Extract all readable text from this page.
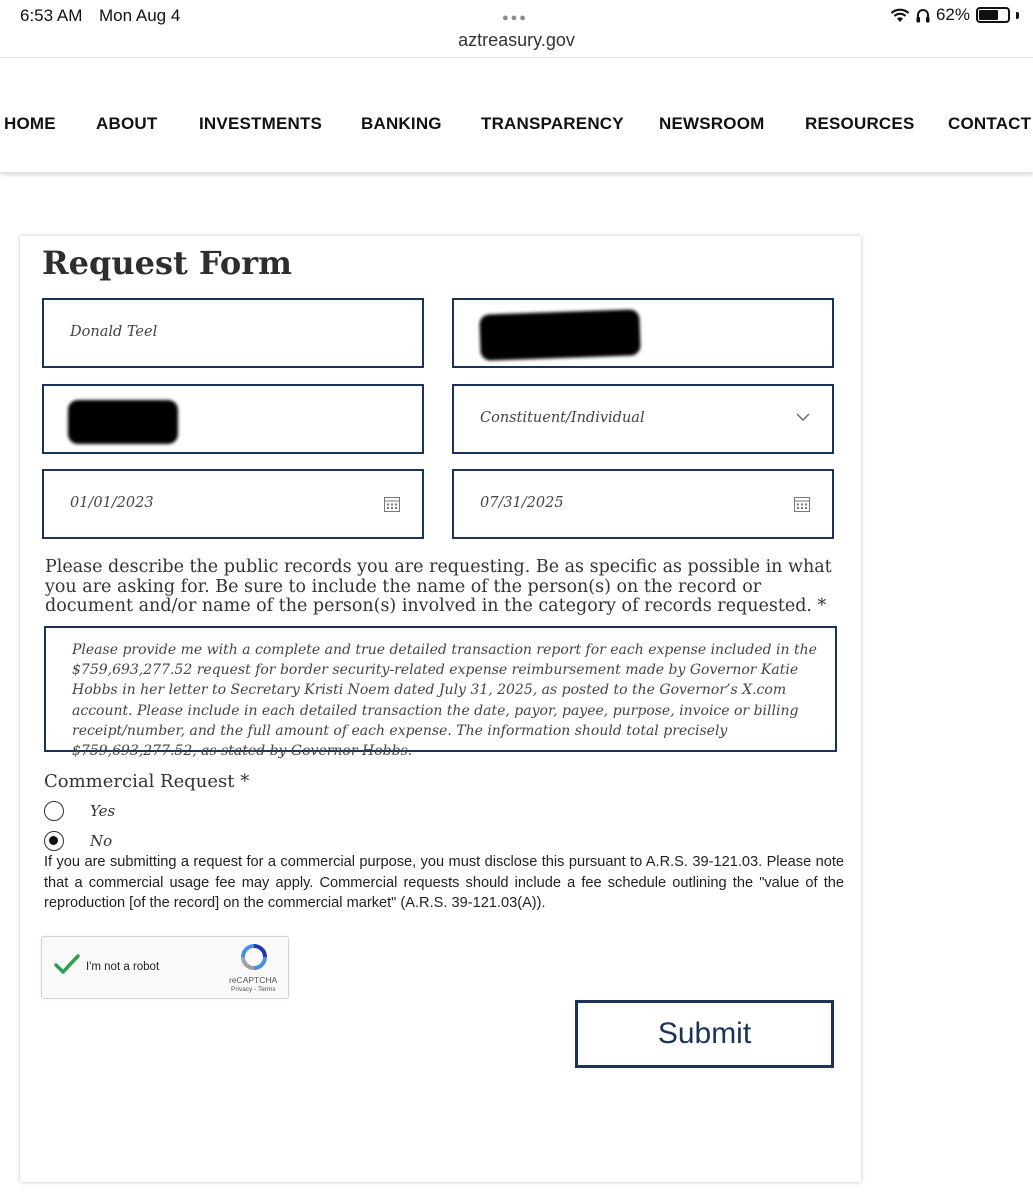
6:53 AM Mon Aug 4	●●●
aztreasury.gov
62%
HOME ABOUT INVESTMENTS BANKING TRANSPARENCY NEWSROOM RESOURCES CONTACT
Request Form
Donald Teel
Constituent/Individual
01/01/2023	07/31/2025
Please describe the public records you are requesting. Be as specific as possible in what you are asking for. Be sure to include the name of the person(s) on the record or document and/or name of the person(s) involved in the category of records requested. *
Please provide me with a complete and true detailed transaction report for each expense included in the $759,693,277.52 request for border security-related expense reimbursement made by Governor Katie Hobbs in her letter to Secretary Kristi Noem dated July 31, 2025, as posted to the Governor’s X.com account. Please include in each detailed transaction the date, payor, payee, purpose, invoice or billing receipt/number, and the full amount of each expense. The information should total precisely $759,693,277.52, as stated by Governor Hobbs.
Commercial Request *
Yes
No

If you are submitting a request for a commercial purpose, you must disclose this pursuant to A.R.S. 39-121.03. Please note that a commercial usage fee may apply. Commercial requests should include a fee schedule outlining the "value of the reproduction [of the record] on the commercial market" (A.R.S. 39-121.03(A)).

I'm not a robot
reCAPTCHA
Privacy - Terms
Submit
